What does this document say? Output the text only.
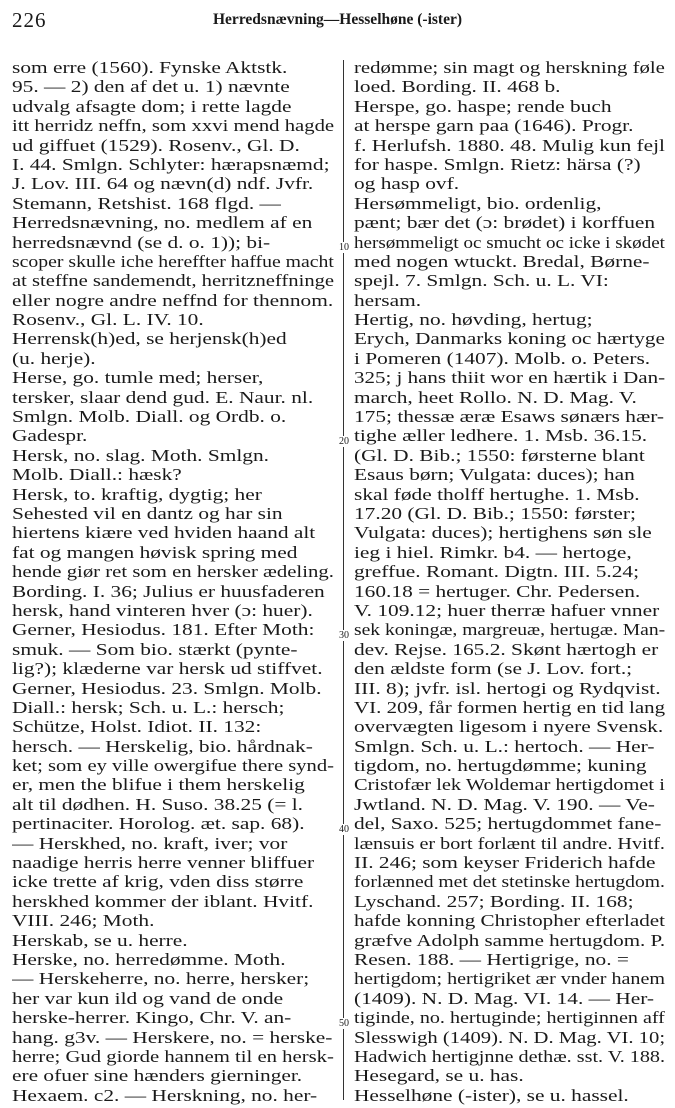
226	Herredsnævning—Hesselhøne (-ister)
som erre (1560). Fynske Aktstk.
95. — 2) den af det u. 1) nævnte
udvalg afsagte dom; i rette lagde
itt herridz neffn, som xxvi mend hagde
ud giffuet (1529). Rosenv., Gl. D.
I. 44. Smlgn. Schlyter: hærapsnæmd;
J. Lov. III. 64 og nævn(d) ndf. Jvfr.
Stemann, Retshist. 168 flgd. —
Herredsnævning, no. medlem af en
herredsnævnd (se d. o. 1)); bi-
scoper skulle iche hereffter haffue macht
at steffne sandemendt, herritzneffninge
eller nogre andre neffnd for thennom.
Rosenv., Gl. L. IV. 10.
Herrensk(h)ed, se herjensk(h)ed
(u. herje).
Herse, go. tumle med; herser,
tersker, slaar dend gud. E. Naur. nl.
Smlgn. Molb. Diall. og Ordb. o.
Gadespr.
Hersk, no. slag. Moth. Smlgn.
Molb. Diall.: hæsk?
Hersk, to. kraftig, dygtig; her
Sehested vil en dantz og har sin
hiertens kiære ved hviden haand alt
fat og mangen høvisk spring med
hende giør ret som en hersker ædeling.
Bording. I. 36; Julius er huusfaderen
hersk, hand vinteren hver (ɔ: huer).
Gerner, Hesiodus. 181. Efter Moth:
smuk. — Som bio. stærkt (pynte-
lig?); klæderne var hersk ud stiffvet.
Gerner, Hesiodus. 23. Smlgn. Molb.
Diall.: hersk; Sch. u. L.: hersch;
Schütze, Holst. Idiot. II. 132:
hersch. — Herskelig, bio. hårdnak-
ket; som ey ville owergifue there synd-
er, men the blifue i them herskelig
alt til dødhen. H. Suso. 38.25 (= l.
pertinaciter. Horolog. æt. sap. 68).
— Herskhed, no. kraft, iver; vor
naadige herris herre venner bliffuer
icke trette af krig, vden diss større
herskhed kommer der iblant. Hvitf.
VIII. 246; Moth.
Herskab, se u. herre.
Herske, no. herredømme. Moth.
— Herskeherre, no. herre, hersker;
her var kun ild og vand de onde
herske-herrer. Kingo, Chr. V. an-
hang. g3v. — Herskere, no. = herske-
herre; Gud giorde hannem til en hersk-
ere ofuer sine hænders gierninger.
Hexaem. c2. — Herskning, no. her-
redømme; sin magt og herskning føle
loed. Bording. II. 468 b.
Herspe, go. haspe; rende buch
at herspe garn paa (1646). Progr.
f. Herlufsh. 1880. 48. Mulig kun fejl
for haspe. Smlgn. Rietz: härsa (?)
og hasp ovf.
Hersømmeligt, bio. ordenlig,
pænt; bær det (ɔ: brødet) i korffuen
hersømmeligt oc smucht oc icke i skødet
med nogen wtuckt. Bredal, Børne-
spejl. 7. Smlgn. Sch. u. L. VI:
hersam.
Hertig, no. høvding, hertug;
Erych, Danmarks koning oc hærtyge
i Pomeren (1407). Molb. o. Peters.
325; j hans thiit wor en hærtik i Dan-
march, heet Rollo. N. D. Mag. V.
175; thessæ æræ Esaws sønærs hær-
tighe æller ledhere. 1. Msb. 36.15.
(Gl. D. Bib.; 1550: førsterne blant
Esaus børn; Vulgata: duces); han
skal føde tholff hertughe. 1. Msb.
17.20 (Gl. D. Bib.; 1550: førster;
Vulgata: duces); hertighens søn sle
ieg i hiel. Rimkr. b4. — hertoge,
greffue. Romant. Digtn. III. 5.24;
160.18 = hertuger. Chr. Pedersen.
V. 109.12; huer therræ hafuer vnner
sek koningæ, margreuæ, hertugæ. Man-
dev. Rejse. 165.2. Skønt hærtogh er
den ældste form (se J. Lov. fort.;
III. 8); jvfr. isl. hertogi og Rydqvist.
VI. 209, får formen hertig en tid lang
overvægten ligesom i nyere Svensk.
Smlgn. Sch. u. L.: hertoch. — Her-
tigdom, no. hertugdømme; kuning
Cristofær lek Woldemar hertigdomet i
Jwtland. N. D. Mag. V. 190. — Ve-
del, Saxo. 525; hertugdommet fane-
lænsuis er bort forlænt til andre. Hvitf.
II. 246; som keyser Friderich hafde
forlænned met det stetinske hertugdom.
Lyschand. 257; Bording. II. 168;
hafde konning Christopher efterladet
græfve Adolph samme hertugdom. P.
Resen. 188. — Hertigrige, no. =
hertigdom; hertigriket ær vnder hanem
(1409). N. D. Mag. VI. 14. — Her-
tiginde, no. hertuginde; hertiginnen aff
Slesswigh (1409). N. D. Mag. VI. 10;
Hadwich hertigjnne dethæ. sst. V. 188.
Hesegard, se u. has.
Hesselhøne (-ister), se u. hassel.
10
20
30
40
50
